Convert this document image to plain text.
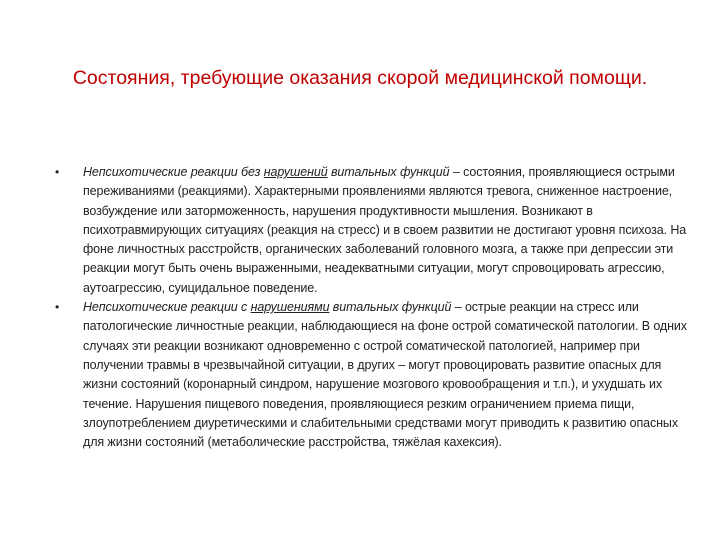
Состояния, требующие оказания скорой медицинской помощи.
• Непсихотические реакции без нарушений витальных функций – состояния, проявляющиеся острыми переживаниями (реакциями). Характерными проявлениями являются тревога, сниженное настроение, возбуждение или заторможенность, нарушения продуктивности мышления. Возникают в психотравмирующих ситуациях (реакция на стресс) и в своем развитии не достигают уровня психоза. На фоне личностных расстройств, органических заболеваний головного мозга, а также при депрессии эти реакции могут быть очень выраженными, неадекватными ситуации, могут спровоцировать агрессию, аутоагрессию, суицидальное поведение.
• Непсихотические реакции с нарушениями витальных функций – острые реакции на стресс или патологические личностные реакции, наблюдающиеся на фоне острой соматической патологии. В одних случаях эти реакции возникают одновременно с острой соматической патологией, например при получении травмы в чрезвычайной ситуации, в других – могут провоцировать развитие опасных для жизни состояний (коронарный синдром, нарушение мозгового кровообращения и т.п.), и ухудшать их течение. Нарушения пищевого поведения, проявляющиеся резким ограничением приема пищи, злоупотреблением диуретическими и слабительными средствами могут приводить к развитию опасных для жизни состояний (метаболические расстройства, тяжёлая кахексия).
